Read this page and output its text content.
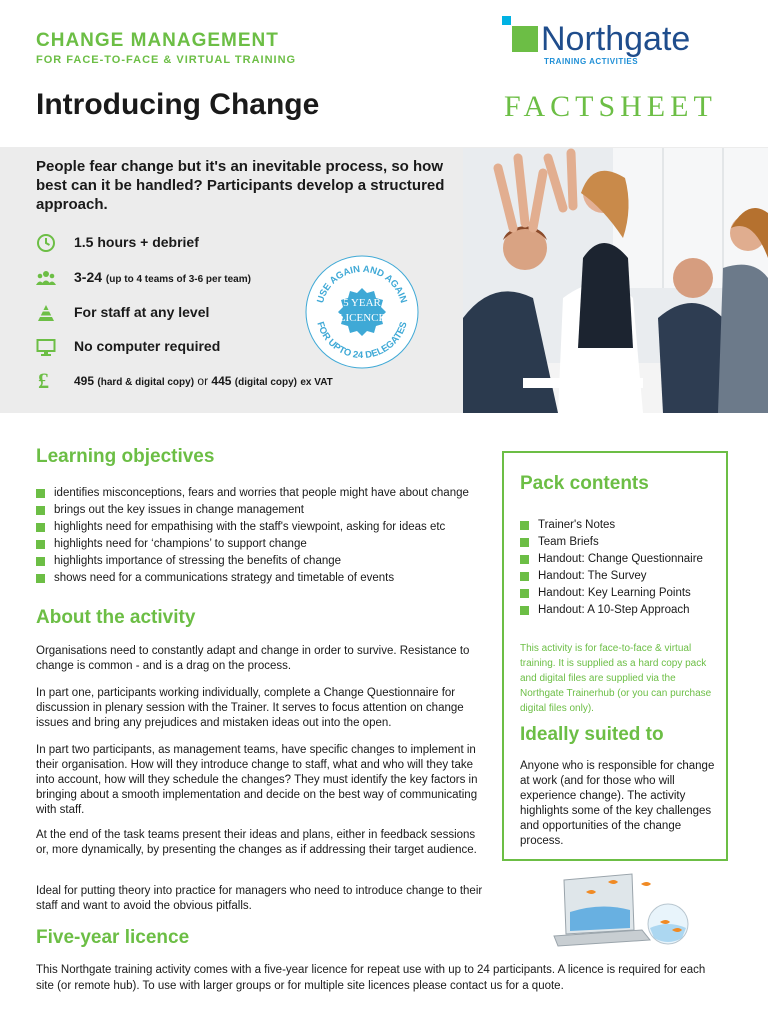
CHANGE MANAGEMENT
FOR FACE-TO-FACE & VIRTUAL TRAINING
Introducing Change
Northgate
TRAINING ACTIVITIES
FACTSHEET
People fear change but it's an inevitable process, so how best can it be handled? Participants develop a structured approach.
1.5 hours + debrief
3-24 (up to 4 teams of 3-6 per team)
For staff at any level
No computer required
£	495 (hard & digital copy) or 445 (digital copy) ex VAT
USE AGAIN AND AGAIN
FOR UPTO 24 DELEGATES
5 YEAR
LICENCE
Learning objectives
identifies misconceptions, fears and worries that people might have about change
brings out the key issues in change management
highlights need for empathising with the staff's viewpoint, asking for ideas etc
highlights need for ‘champions’ to support change
highlights importance of stressing the benefits of change
shows need for a communications strategy and timetable of events
About the activity

Organisations need to constantly adapt and change in order to survive. Resistance to change is common - and is a drag on the process.

In part one, participants working individually, complete a Change Questionnaire for discussion in plenary session with the Trainer. It serves to focus attention on change issues and bring any prejudices and mistaken ideas out into the open.

In part two participants, as management teams, have specific changes to implement in their organisation. How will they introduce change to staff, what and who will they take into account, how will they schedule the changes? They must identify the key factors in bringing about a smooth implementation and decide on the best way of communicating with staff.

At the end of the task teams present their ideas and plans, either in feedback sessions or, more dynamically, by presenting the changes as if addressing their target audience.

Ideal for putting theory into practice for managers who need to introduce change to their staff and want to avoid the obvious pitfalls.

Five-year licence

This Northgate training activity comes with a five-year licence for repeat use with up to 24 participants. A licence is required for each site (or remote hub). To use with larger groups or for multiple site licences please contact us for a quote.

Pack contents
Trainer's Notes
Team Briefs
Handout: Change Questionnaire
Handout: The Survey
Handout: Key Learning Points
Handout: A 10-Step Approach

This activity is for face-to-face & virtual training. It is supplied as a hard copy pack and digital files are supplied via the Northgate Trainerhub (or you can purchase digital files only).

Ideally suited to

Anyone who is responsible for change at work (and for those who will experience change). The activity highlights some of the key challenges and opportunities of the change process.
